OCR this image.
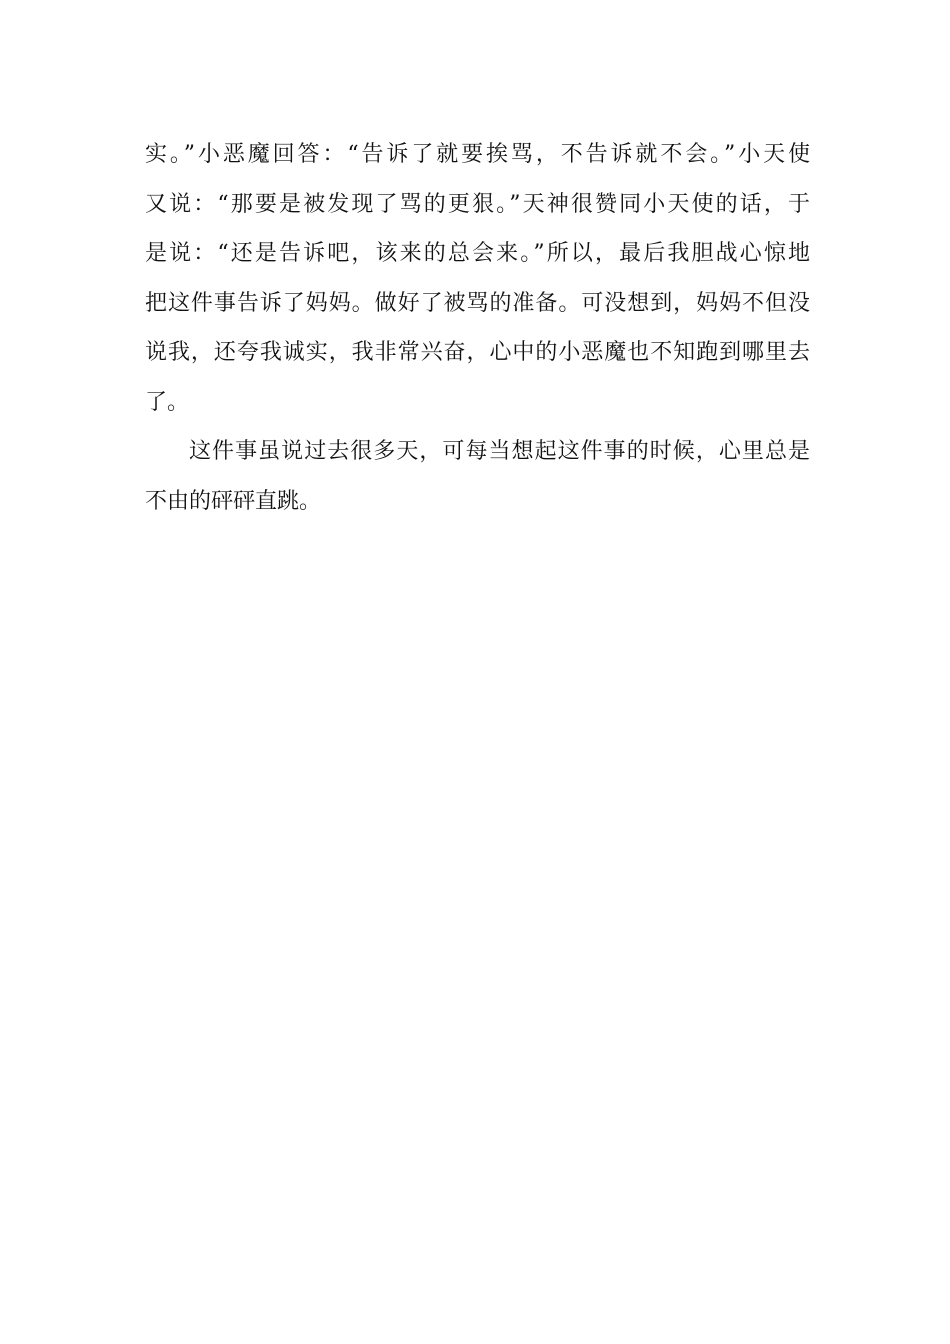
实。”小恶魔回答：“告诉了就要挨骂，不告诉就不会。”小天使
又说：“那要是被发现了骂的更狠。”天神很赞同小天使的话，于
是说：“还是告诉吧，该来的总会来。”所以，最后我胆战心惊地
把这件事告诉了妈妈。做好了被骂的准备。可没想到，妈妈不但没
说我，还夸我诚实，我非常兴奋，心中的小恶魔也不知跑到哪里去
了。
这件事虽说过去很多天，可每当想起这件事的时候，心里总是
不由的砰砰直跳。
